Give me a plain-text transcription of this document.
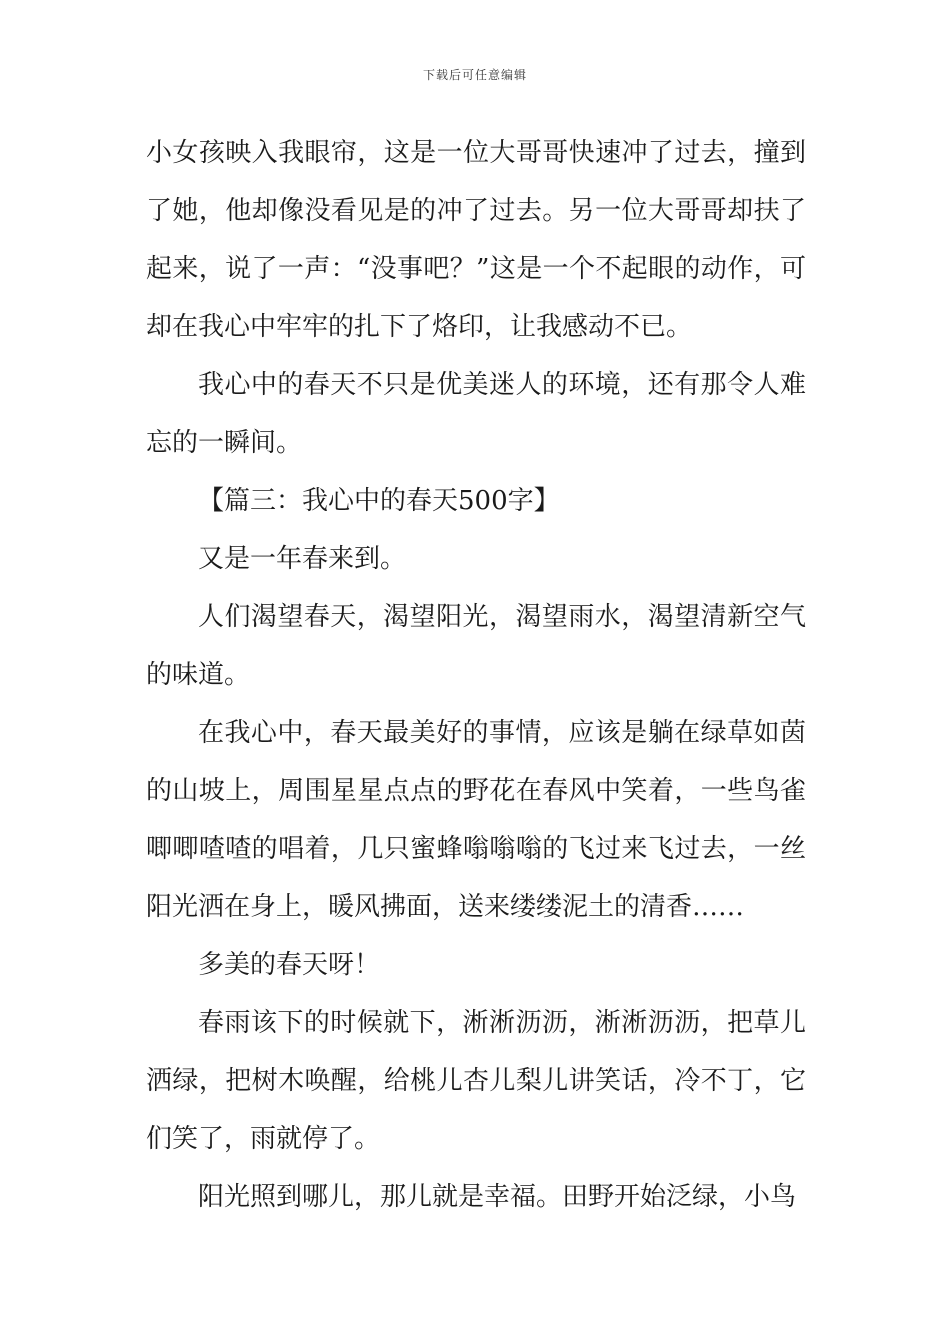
下载后可任意编辑

小女孩映入我眼帘，这是一位大哥哥快速冲了过去，撞到了她，他却像没看见是的冲了过去。另一位大哥哥却扶了起来，说了一声：“没事吧？”这是一个不起眼的动作，可却在我心中牢牢的扎下了烙印，让我感动不已。

我心中的春天不只是优美迷人的环境，还有那令人难忘的一瞬间。

【篇三：我心中的春天500字】

又是一年春来到。

人们渴望春天，渴望阳光，渴望雨水，渴望清新空气的味道。

在我心中，春天最美好的事情，应该是躺在绿草如茵的山坡上，周围星星点点的野花在春风中笑着，一些鸟雀唧唧喳喳的唱着，几只蜜蜂嗡嗡嗡的飞过来飞过去，一丝阳光洒在身上，暖风拂面，送来缕缕泥土的清香……

多美的春天呀！

春雨该下的时候就下，淅淅沥沥，淅淅沥沥，把草儿洒绿，把树木唤醒，给桃儿杏儿梨儿讲笑话，冷不丁，它们笑了，雨就停了。

阳光照到哪儿，那儿就是幸福。田野开始泛绿，小鸟
